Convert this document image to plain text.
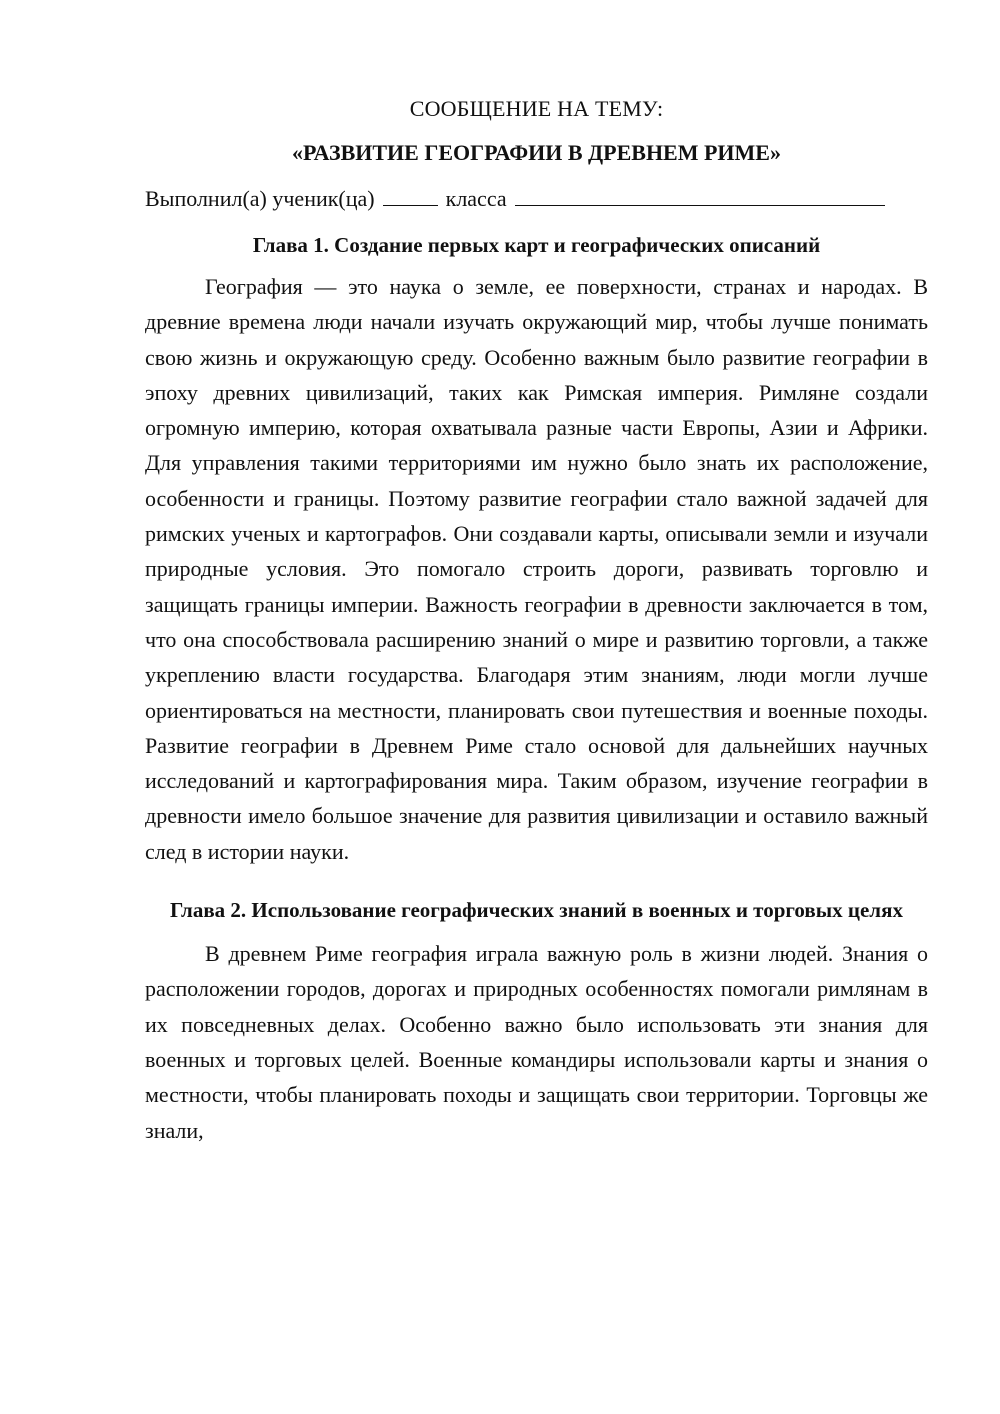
СООБЩЕНИЕ НА ТЕМУ:

«РАЗВИТИЕ ГЕОГРАФИИ В ДРЕВНЕМ РИМЕ»

Выполнил(а) ученик(ца)	класса

Глава 1. Создание первых карт и географических описаний

География — это наука о земле, ее поверхности, странах и народах. В древние времена люди начали изучать окружающий мир, чтобы лучше понимать свою жизнь и окружающую среду. Особенно важным было развитие географии в эпоху древних цивилизаций, таких как Римская империя. Римляне создали огромную империю, которая охватывала разные части Европы, Азии и Африки. Для управления такими территориями им нужно было знать их расположение, особенности и границы. Поэтому развитие географии стало важной задачей для римских ученых и картографов. Они создавали карты, описывали земли и изучали природные условия. Это помогало строить дороги, развивать торговлю и защищать границы империи. Важность географии в древности заключается в том, что она способствовала расширению знаний о мире и развитию торговли, а также укреплению власти государства. Благодаря этим знаниям, люди могли лучше ориентироваться на местности, планировать свои путешествия и военные походы. Развитие географии в Древнем Риме стало основой для дальнейших научных исследований и картографирования мира. Таким образом, изучение географии в древности имело большое значение для развития цивилизации и оставило важный след в истории науки.

Глава 2. Использование географических знаний в военных и торговых целях

В древнем Риме география играла важную роль в жизни людей. Знания о расположении городов, дорогах и природных особенностях помогали римлянам в их повседневных делах. Особенно важно было использовать эти знания для военных и торговых целей. Военные командиры использовали карты и знания о местности, чтобы планировать походы и защищать свои территории. Торговцы же знали,
